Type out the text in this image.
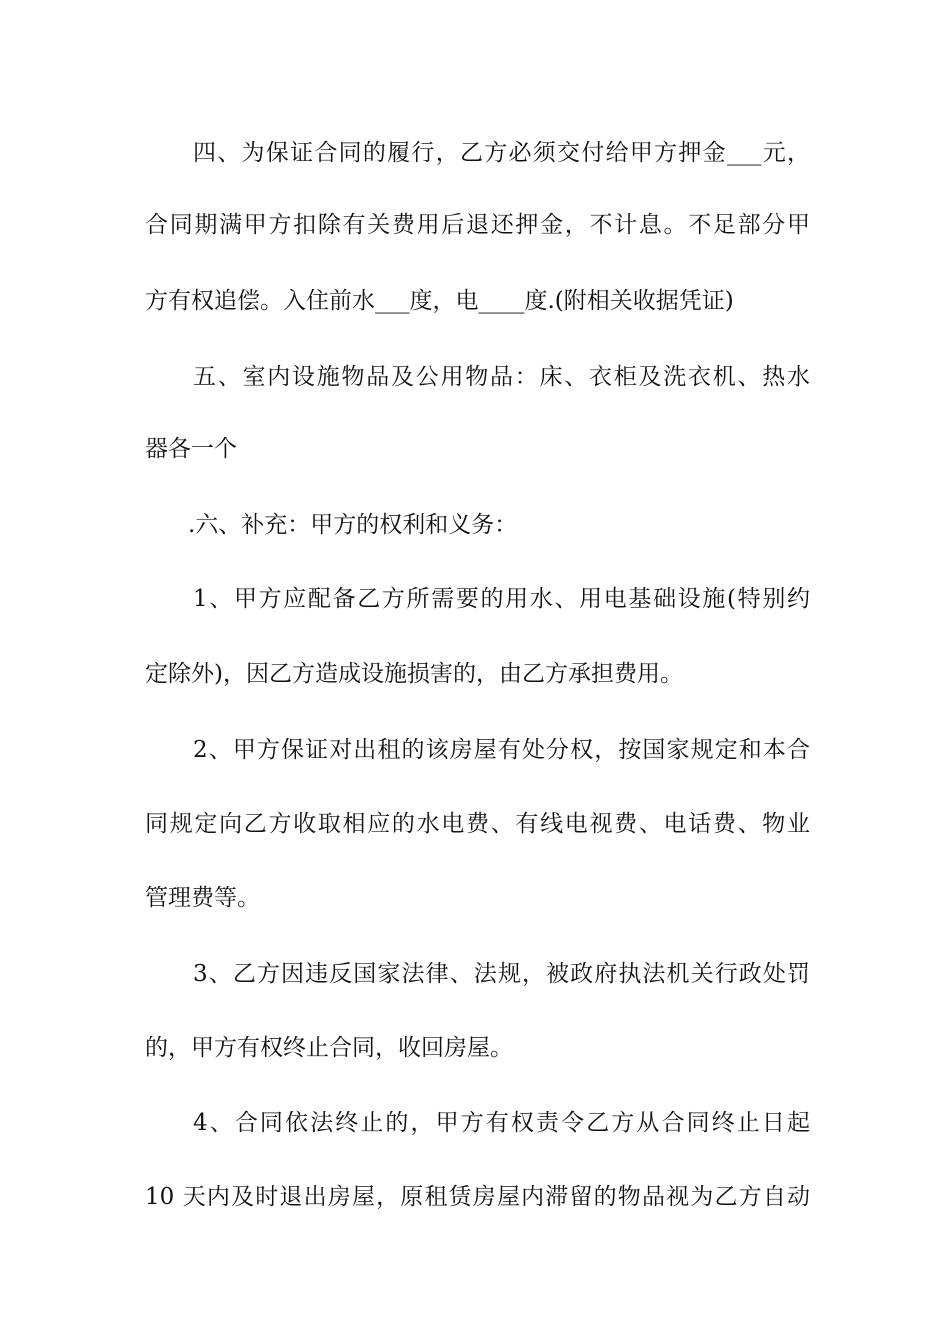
四、为保证合同的履行，乙方必须交付给甲方押金___元，

合同期满甲方扣除有关费用后退还押金，不计息。不足部分甲

方有权追偿。入住前水___度，电____度.(附相关收据凭证)

五、室内设施物品及公用物品：床、衣柜及洗衣机、热水

器各一个

.六、补充：甲方的权利和义务：

1、甲方应配备乙方所需要的用水、用电基础设施(特别约

定除外)，因乙方造成设施损害的，由乙方承担费用。

2、甲方保证对出租的该房屋有处分权，按国家规定和本合

同规定向乙方收取相应的水电费、有线电视费、电话费、物业

管理费等。

3、乙方因违反国家法律、法规，被政府执法机关行政处罚

的，甲方有权终止合同，收回房屋。

4、合同依法终止的，甲方有权责令乙方从合同终止日起

10 天内及时退出房屋，原租赁房屋内滞留的物品视为乙方自动
